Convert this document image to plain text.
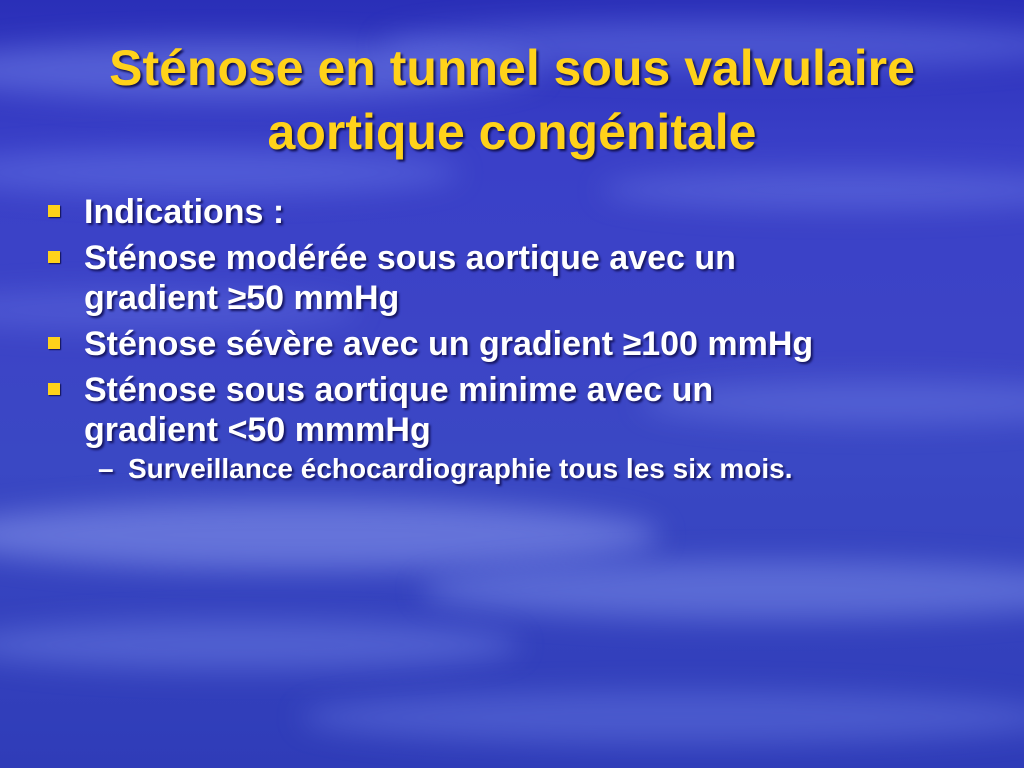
Sténose en tunnel sous valvulaire
aortique congénitale
Indications :
Sténose modérée sous aortique avec un
gradient ≥50 mmHg
Sténose sévère avec un gradient ≥100 mmHg
Sténose sous aortique minime avec un
gradient <50 mmmHg
– Surveillance échocardiographie tous les six mois.
